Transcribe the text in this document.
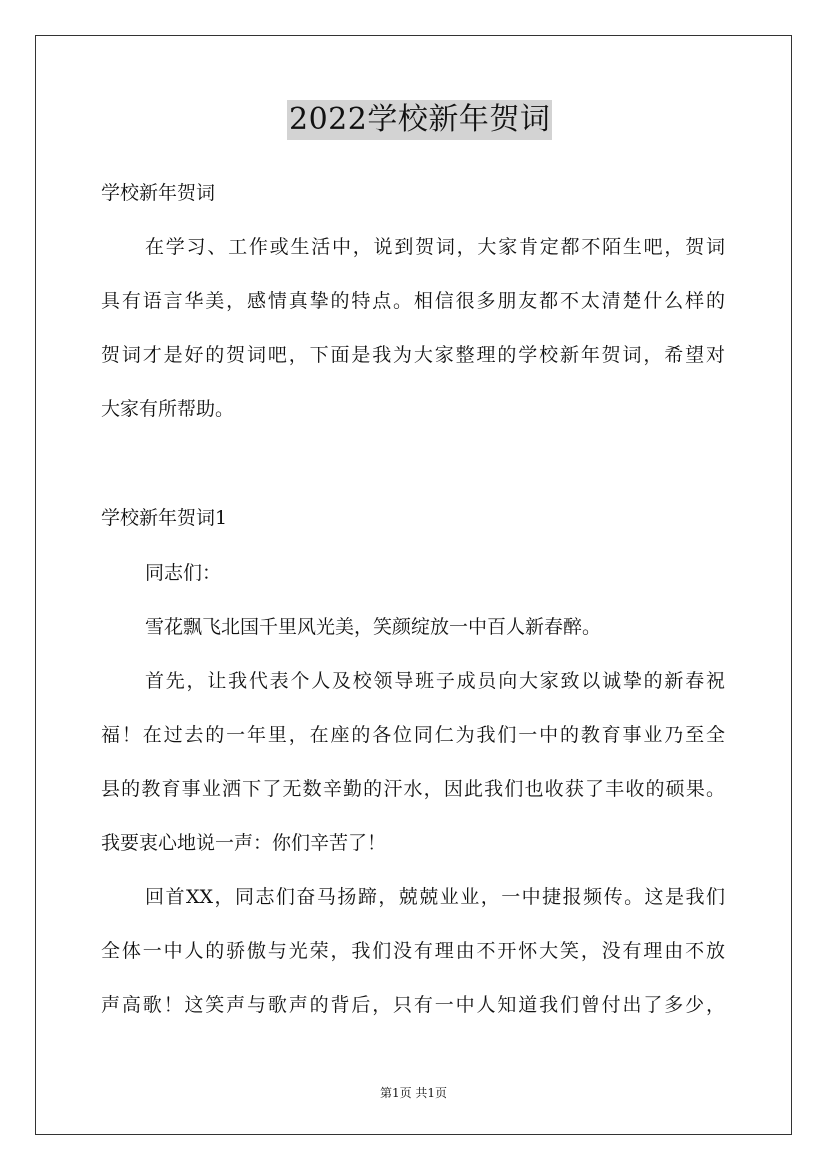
2022学校新年贺词
学校新年贺词
在学习、工作或生活中，说到贺词，大家肯定都不陌生吧，贺词
具有语言华美，感情真挚的特点。相信很多朋友都不太清楚什么样的
贺词才是好的贺词吧，下面是我为大家整理的学校新年贺词，希望对
大家有所帮助。
学校新年贺词1
同志们：
雪花飘飞北国千里风光美，笑颜绽放一中百人新春醉。
首先，让我代表个人及校领导班子成员向大家致以诚挚的新春祝
福！在过去的一年里，在座的各位同仁为我们一中的教育事业乃至全
县的教育事业洒下了无数辛勤的汗水，因此我们也收获了丰收的硕果。
我要衷心地说一声：你们辛苦了！
回首XX，同志们奋马扬蹄，兢兢业业，一中捷报频传。这是我们
全体一中人的骄傲与光荣，我们没有理由不开怀大笑，没有理由不放
声高歌！这笑声与歌声的背后，只有一中人知道我们曾付出了多少，
第1页 共1页
